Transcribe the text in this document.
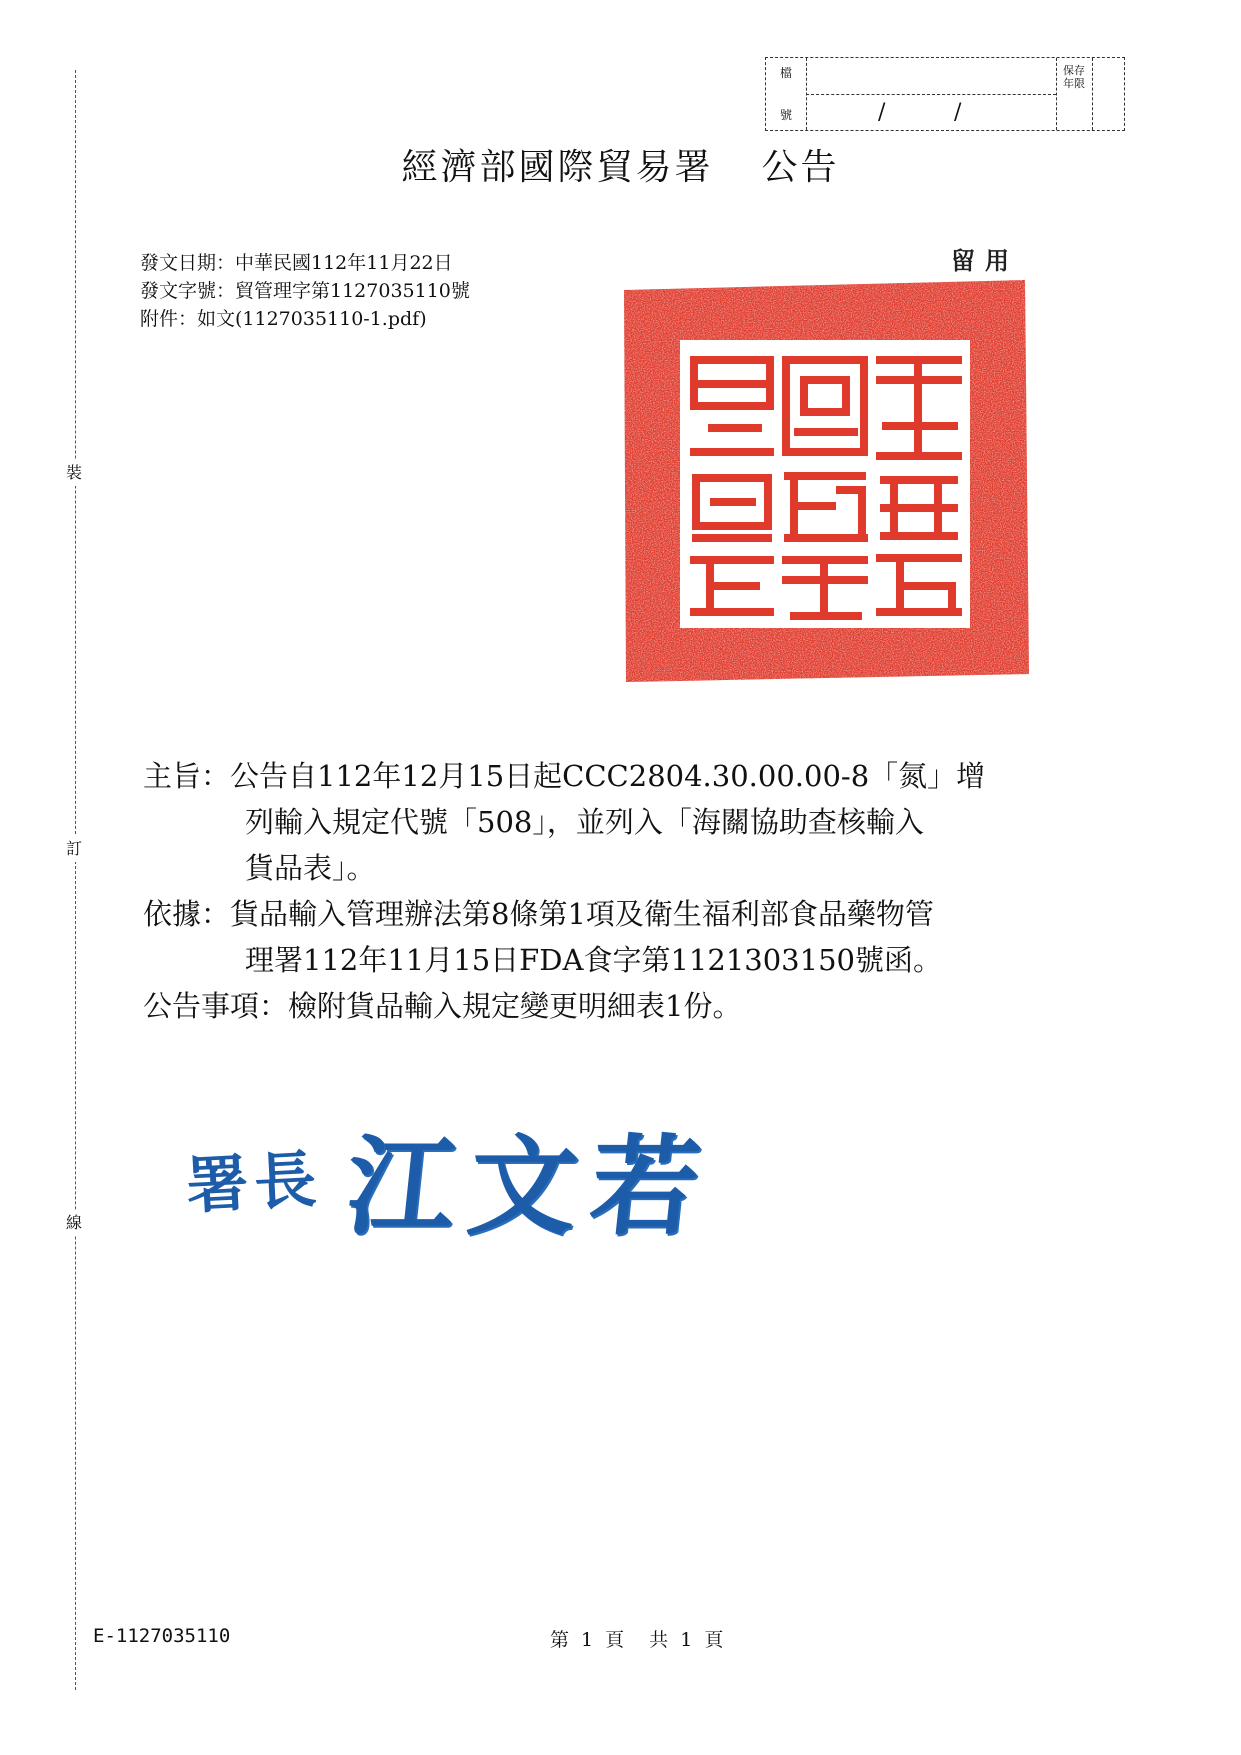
裝
訂
線
檔
號	/	/
保存年限
經濟部國際貿易署 公告
發文日期：中華民國112年11月22日
發文字號：貿管理字第1127035110號
附件：如文(1127035110-1.pdf)
留用
主旨：公告自112年12月15日起CCC2804.30.00.00-8「氮」增
列輸入規定代號「508」，並列入「海關協助查核輸入
貨品表」。
依據：貨品輸入管理辦法第8條第1項及衛生福利部食品藥物管
理署112年11月15日FDA食字第1121303150號函。
公告事項：檢附貨品輸入規定變更明細表1份。
署長 江文若
E-1127035110	第 1 頁　共 1 頁
